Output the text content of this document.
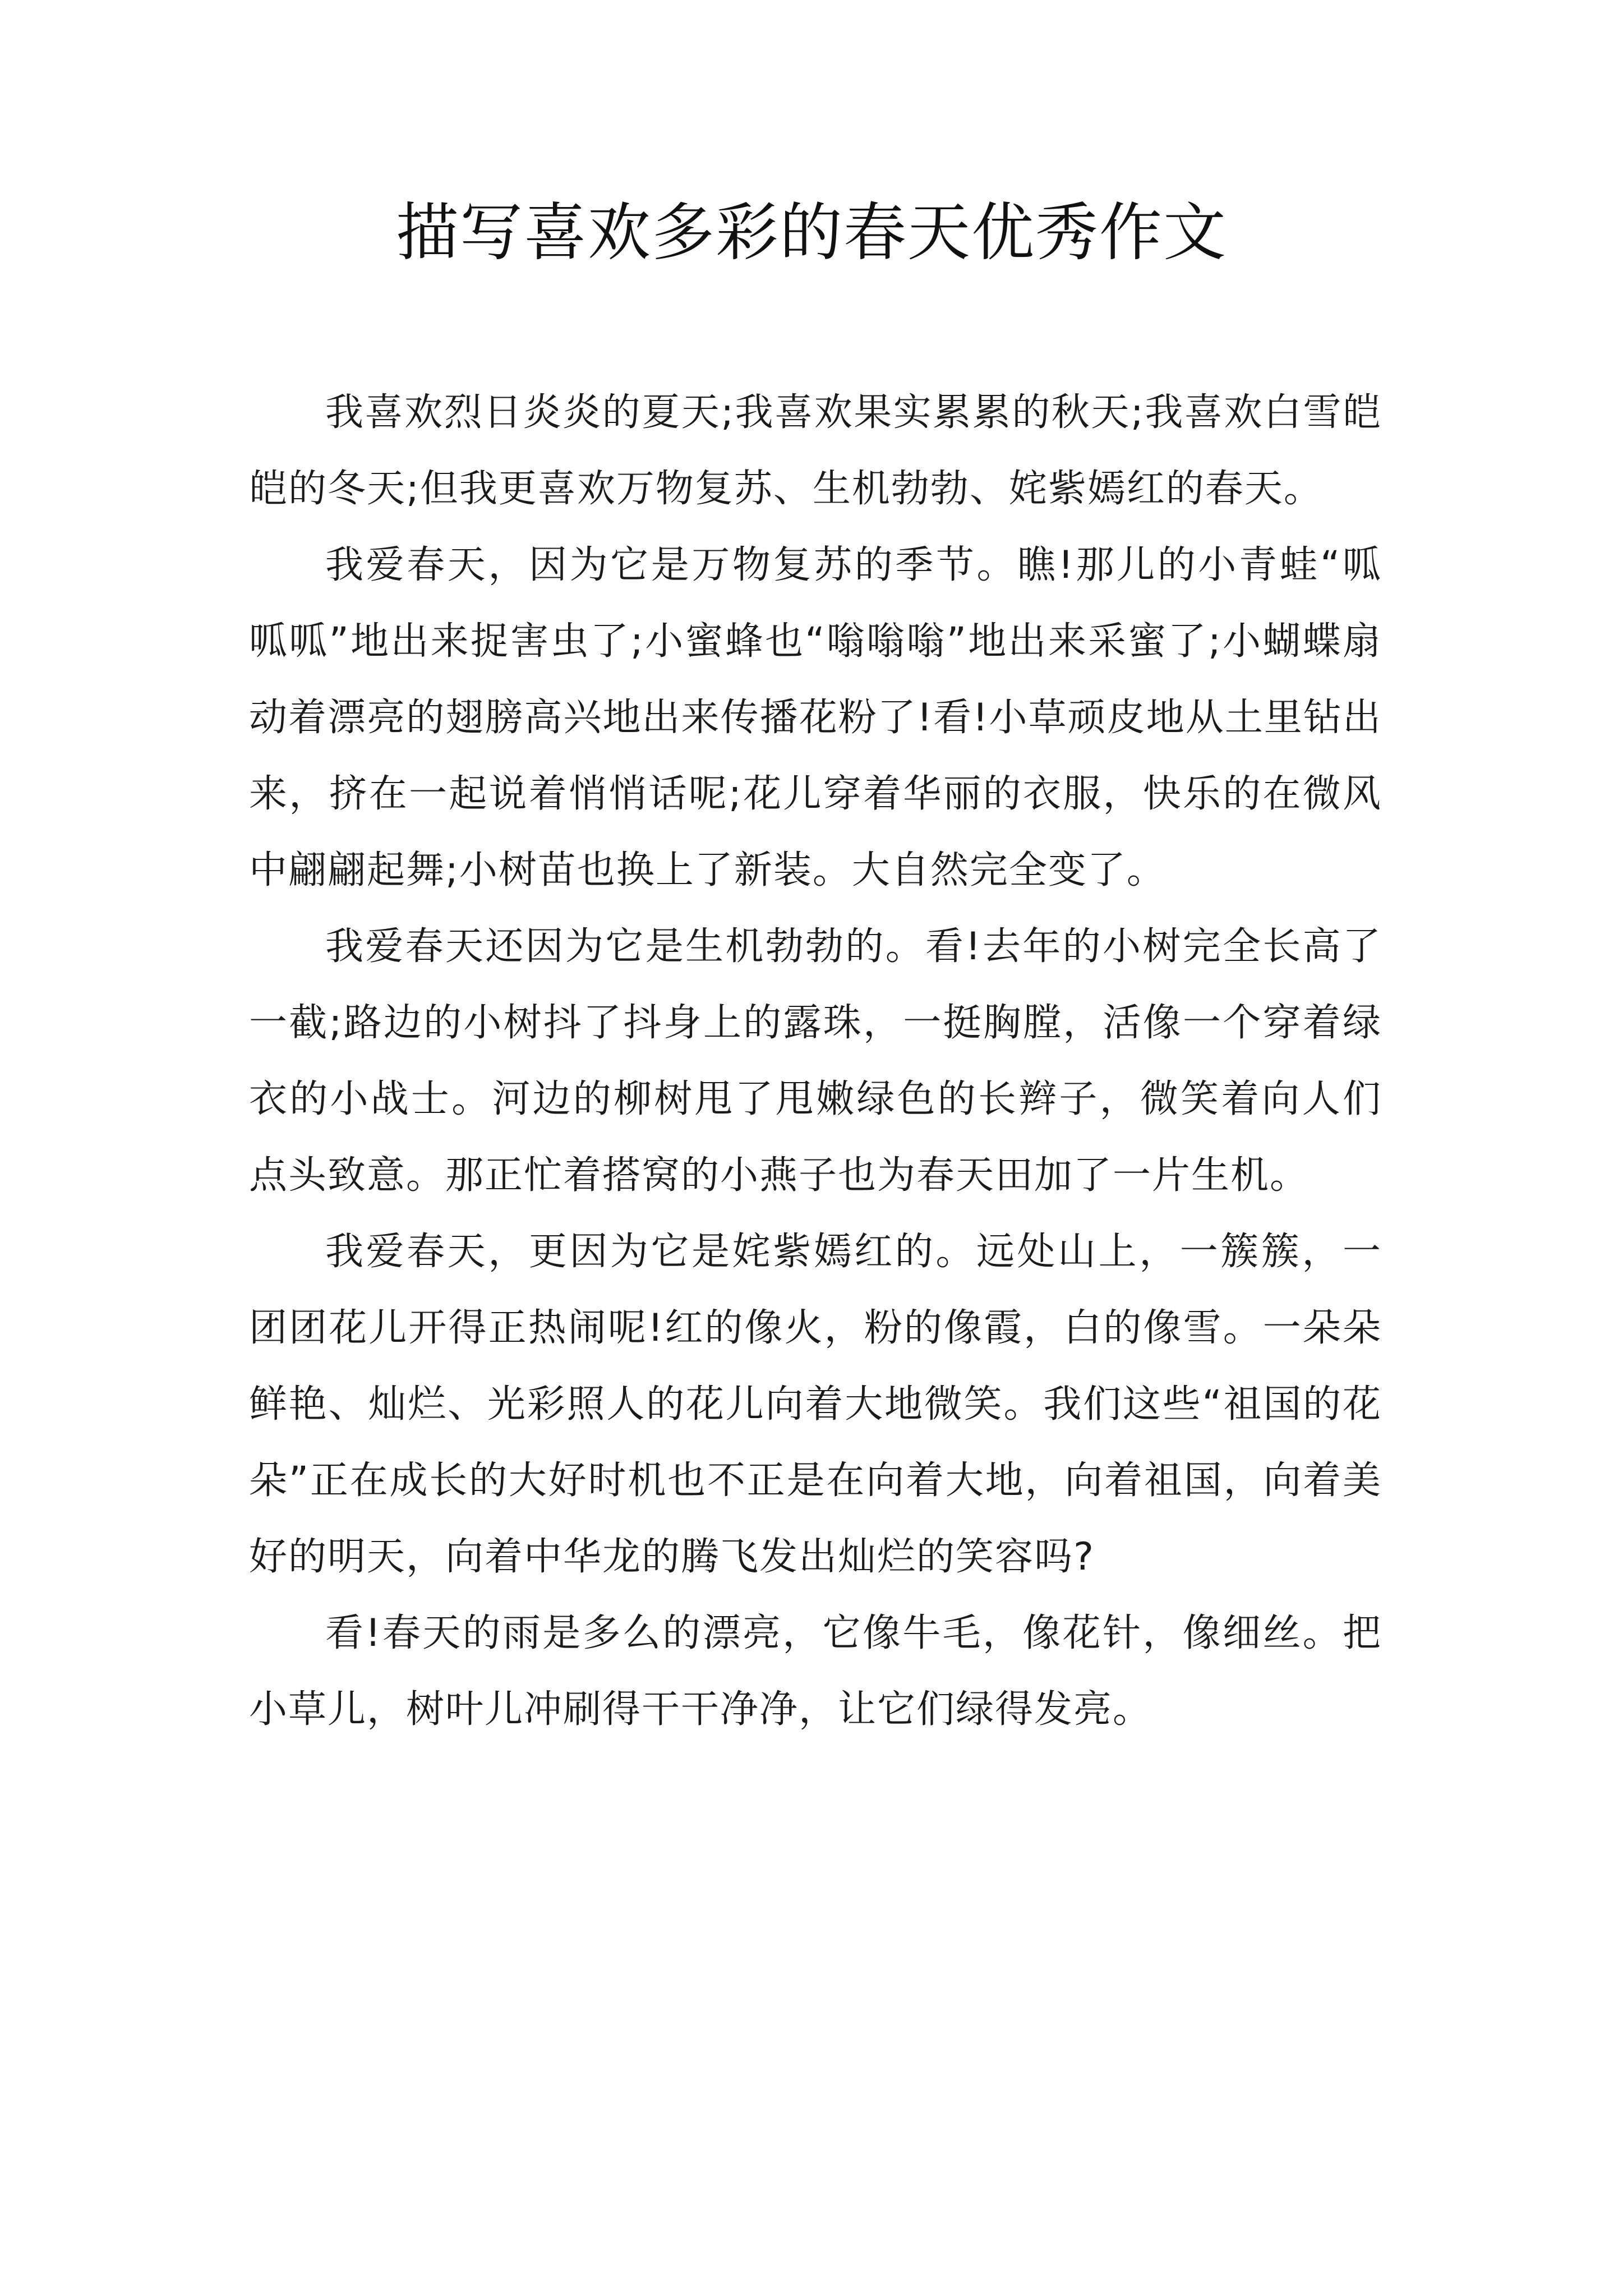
描写喜欢多彩的春天优秀作文

我喜欢烈日炎炎的夏天;我喜欢果实累累的秋天;我喜欢白雪皑皑的冬天;但我更喜欢万物复苏、生机勃勃、姹紫嫣红的春天。

我爱春天，因为它是万物复苏的季节。瞧!那儿的小青蛙“呱呱呱”地出来捉害虫了;小蜜蜂也“嗡嗡嗡”地出来采蜜了;小蝴蝶扇动着漂亮的翅膀高兴地出来传播花粉了!看!小草顽皮地从土里钻出来，挤在一起说着悄悄话呢;花儿穿着华丽的衣服，快乐的在微风中翩翩起舞;小树苗也换上了新装。大自然完全变了。

我爱春天还因为它是生机勃勃的。看!去年的小树完全长高了一截;路边的小树抖了抖身上的露珠，一挺胸膛，活像一个穿着绿衣的小战士。河边的柳树甩了甩嫩绿色的长辫子，微笑着向人们点头致意。那正忙着搭窝的小燕子也为春天田加了一片生机。

我爱春天，更因为它是姹紫嫣红的。远处山上，一簇簇，一团团花儿开得正热闹呢!红的像火，粉的像霞，白的像雪。一朵朵鲜艳、灿烂、光彩照人的花儿向着大地微笑。我们这些“祖国的花朵”正在成长的大好时机也不正是在向着大地，向着祖国，向着美好的明天，向着中华龙的腾飞发出灿烂的笑容吗?

看!春天的雨是多么的漂亮，它像牛毛，像花针，像细丝。把小草儿，树叶儿冲刷得干干净净，让它们绿得发亮。
